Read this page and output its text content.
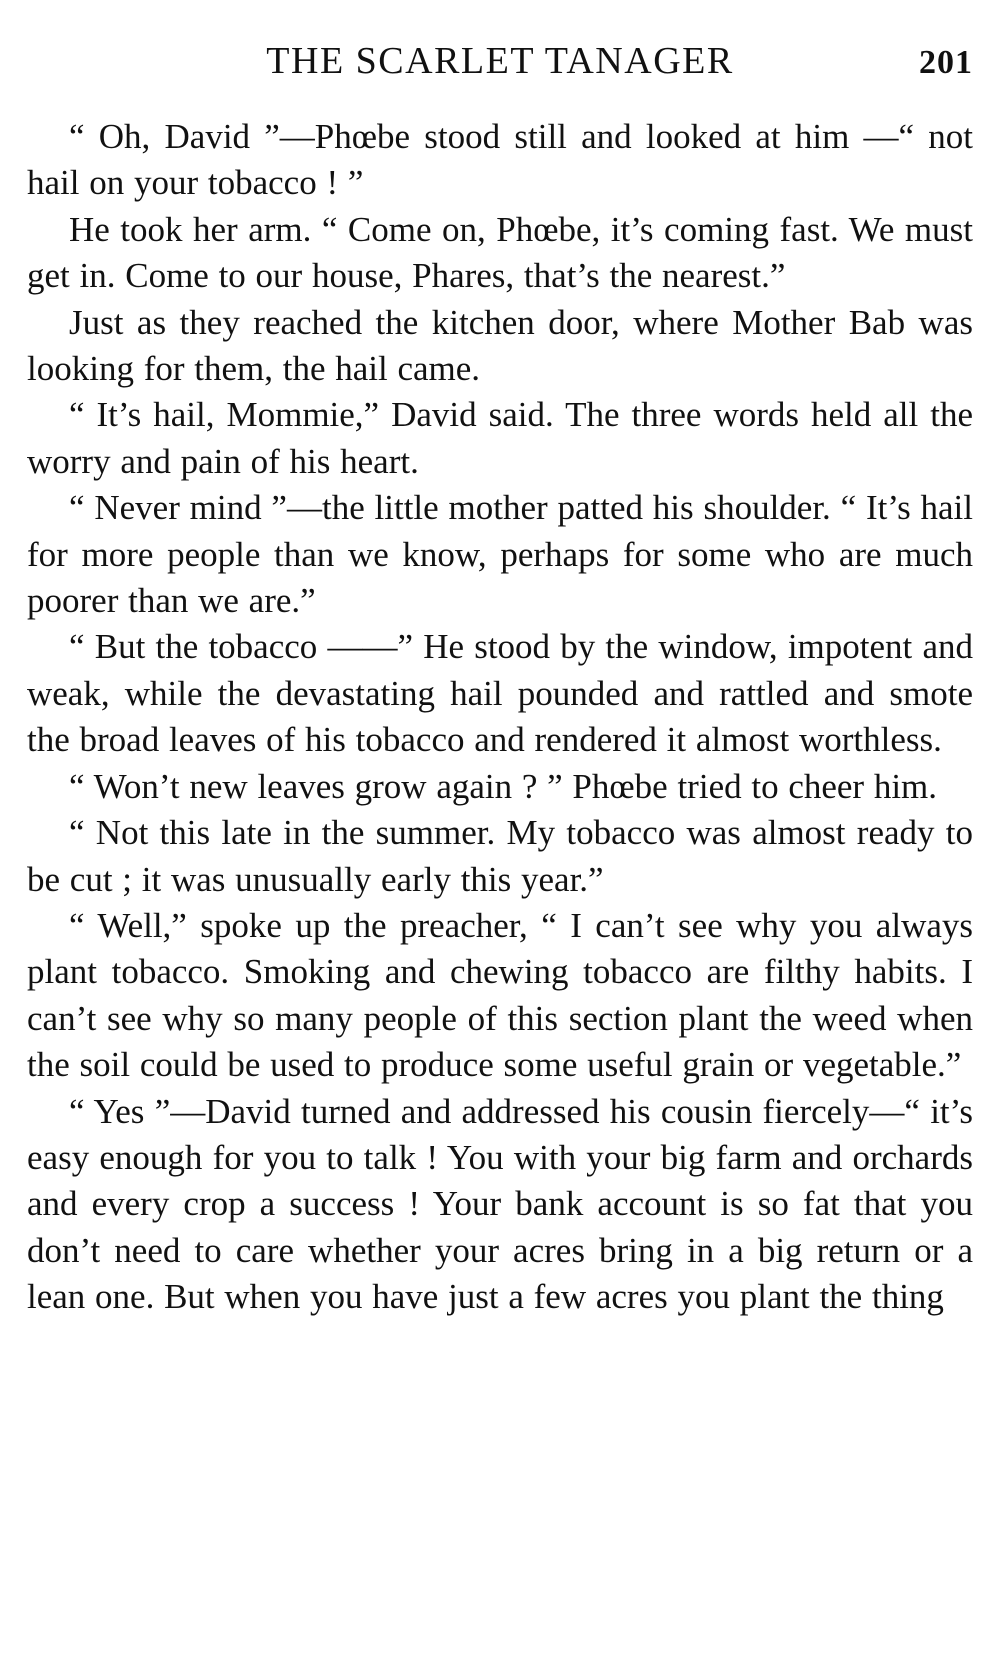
THE SCARLET TANAGER	201

“ Oh, David ”—Phœbe stood still and looked at him —“ not hail on your tobacco ! ”

He took her arm. “ Come on, Phœbe, it’s coming fast. We must get in. Come to our house, Phares, that’s the nearest.”

Just as they reached the kitchen door, where Mother Bab was looking for them, the hail came.

“ It’s hail, Mommie,” David said. The three words held all the worry and pain of his heart.

“ Never mind ”—the little mother patted his shoulder. “ It’s hail for more people than we know, perhaps for some who are much poorer than we are.”

“ But the tobacco ——” He stood by the window, impotent and weak, while the devastating hail pounded and rattled and smote the broad leaves of his tobacco and rendered it almost worthless.

“ Won’t new leaves grow again ? ” Phœbe tried to cheer him.

“ Not this late in the summer. My tobacco was almost ready to be cut ; it was unusually early this year.”

“ Well,” spoke up the preacher, “ I can’t see why you always plant tobacco. Smoking and chewing tobacco are filthy habits. I can’t see why so many people of this section plant the weed when the soil could be used to produce some useful grain or vegetable.”

“ Yes ”—David turned and addressed his cousin fiercely—“ it’s easy enough for you to talk ! You with your big farm and orchards and every crop a success ! Your bank account is so fat that you don’t need to care whether your acres bring in a big return or a lean one. But when you have just a few acres you plant the thing
